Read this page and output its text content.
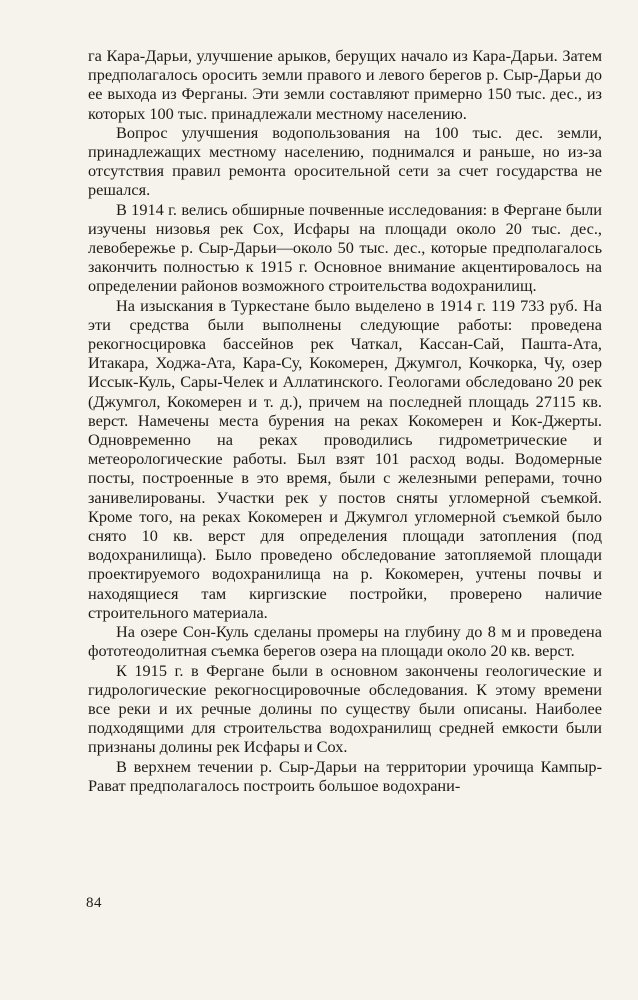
га Кара-Дарьи, улучшение арыков, берущих начало из Кара-Дарьи. Затем предполагалось оросить земли правого и левого берегов р. Сыр-Дарьи до ее выхода из Ферганы. Эти земли составляют примерно 150 тыс. дес., из которых 100 тыс. принадлежали местному населению.

Вопрос улучшения водопользования на 100 тыс. дес. земли, принадлежащих местному населению, поднимался и раньше, но из-за отсутствия правил ремонта оросительной сети за счет государства не решался.

В 1914 г. велись обширные почвенные исследования: в Фергане были изучены низовья рек Сох, Исфары на площади около 20 тыс. дес., левобережье р. Сыр-Дарьи—около 50 тыс. дес., которые предполагалось закончить полностью к 1915 г. Основное внимание акцентировалось на определении районов возможного строительства водохранилищ.

На изыскания в Туркестане было выделено в 1914 г. 119 733 руб. На эти средства были выполнены следующие работы: проведена рекогносцировка бассейнов рек Чаткал, Кассан-Сай, Пашта-Ата, Итакара, Ходжа-Ата, Кара-Су, Кокомерен, Джумгол, Кочкорка, Чу, озер Иссык-Куль, Сары-Челек и Аллатинского. Геологами обследовано 20 рек (Джумгол, Кокомерен и т. д.), причем на последней площадь 27115 кв. верст. Намечены места бурения на реках Кокомерен и Кок-Джерты. Одновременно на реках проводились гидрометрические и метеорологические работы. Был взят 101 расход воды. Водомерные посты, построенные в это время, были с железными реперами, точно занивелированы. Участки рек у постов сняты угломерной съемкой. Кроме того, на реках Кокомерен и Джумгол угломерной съемкой было снято 10 кв. верст для определения площади затопления (под водохранилища). Было проведено обследование затопляемой площади проектируемого водохранилища на р. Кокомерен, учтены почвы и находящиеся там киргизские постройки, проверено наличие строительного материала.

На озере Сон-Куль сделаны промеры на глубину до 8 м и проведена фототеодолитная съемка берегов озера на площади около 20 кв. верст.

К 1915 г. в Фергане были в основном закончены геологические и гидрологические рекогносцировочные обследования. К этому времени все реки и их речные долины по существу были описаны. Наиболее подходящими для строительства водохранилищ средней емкости были признаны долины рек Исфары и Сох.

В верхнем течении р. Сыр-Дарьи на территории урочища Кампыр-Рават предполагалось построить большое водохрани-

84
